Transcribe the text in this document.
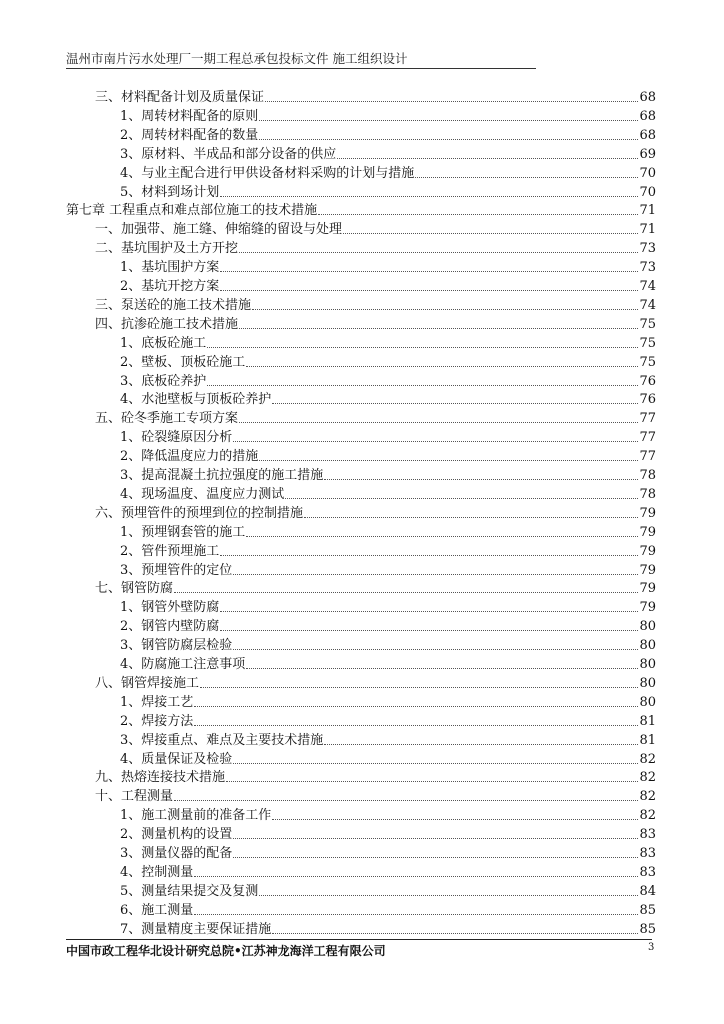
温州市南片污水处理厂一期工程总承包投标文件 施工组织设计
三、材料配备计划及质量保证	68
1、周转材料配备的原则	68
2、周转材料配备的数量	68
3、原材料、半成品和部分设备的供应	69
4、与业主配合进行甲供设备材料采购的计划与措施	70
5、材料到场计划	70
第七章 工程重点和难点部位施工的技术措施	71
一、加强带、施工缝、伸缩缝的留设与处理	71
二、基坑围护及土方开挖	73
1、基坑围护方案	73
2、基坑开挖方案	74
三、泵送砼的施工技术措施	74
四、抗渗砼施工技术措施	75
1、底板砼施工	75
2、壁板、顶板砼施工	75
3、底板砼养护	76
4、水池壁板与顶板砼养护	76
五、砼冬季施工专项方案	77
1、砼裂缝原因分析	77
2、降低温度应力的措施	77
3、提高混凝土抗拉强度的施工措施	78
4、现场温度、温度应力测试	78
六、预埋管件的预埋到位的控制措施	79
1、预埋钢套管的施工	79
2、管件预埋施工	79
3、预埋管件的定位	79
七、钢管防腐	79
1、钢管外壁防腐	79
2、钢管内壁防腐	80
3、钢管防腐层检验	80
4、防腐施工注意事项	80
八、钢管焊接施工	80
1、焊接工艺	80
2、焊接方法	81
3、焊接重点、难点及主要技术措施	81
4、质量保证及检验	82
九、热熔连接技术措施	82
十、工程测量	82
1、施工测量前的准备工作	82
2、测量机构的设置	83
3、测量仪器的配备	83
4、控制测量	83
5、测量结果提交及复测	84
6、施工测量	85
7、测量精度主要保证措施	85
中国市政工程华北设计研究总院•江苏神龙海洋工程有限公司	3
